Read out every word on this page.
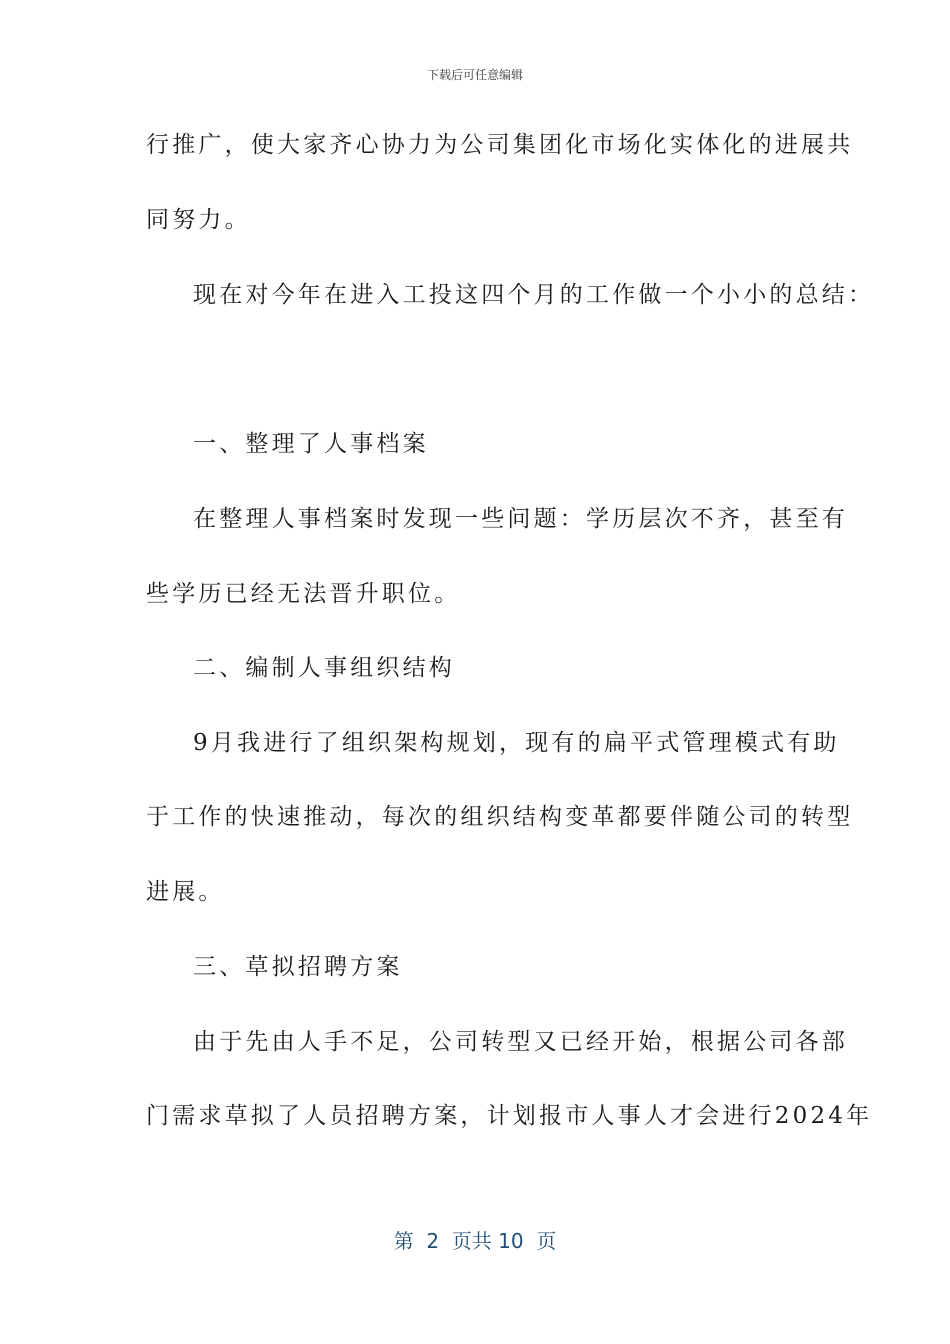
下载后可任意编辑
行推广，使大家齐心协力为公司集团化市场化实体化的进展共
同努力。
现在对今年在进入工投这四个月的工作做一个小小的总结：
一、整理了人事档案
在整理人事档案时发现一些问题：学历层次不齐，甚至有
些学历已经无法晋升职位。
二、编制人事组织结构
9月我进行了组织架构规划，现有的扁平式管理模式有助
于工作的快速推动，每次的组织结构变革都要伴随公司的转型
进展。
三、草拟招聘方案
由于先由人手不足，公司转型又已经开始，根据公司各部
门需求草拟了人员招聘方案，计划报市人事人才会进行2024年
第 2 页共 10 页
